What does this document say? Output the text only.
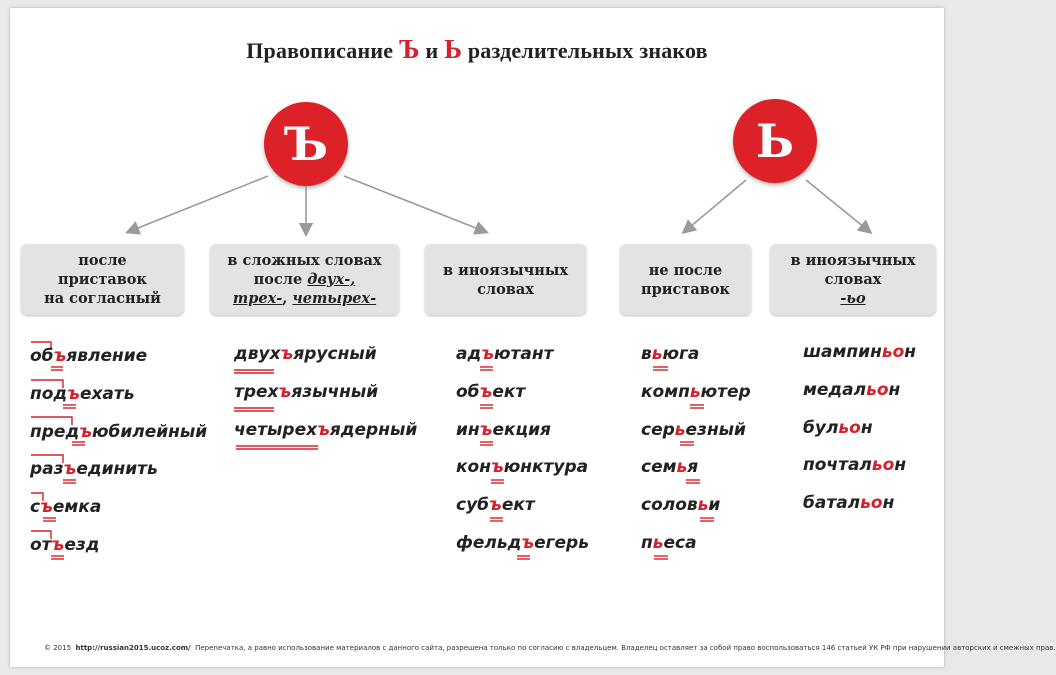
Правописание Ъ и Ь разделительных знаков
Ъ	Ь
после
приставок
на согласный
в сложных словах
после двух-,
трех-, четырех-
в иноязычных
словах
не после
приставок
в иноязычных
словах
-ьо
объявление
подъехать
предъюбилейный
разъединить
съемка
отъезд
двухъярусный
трехъязычный
четырехъядерный
адъютант
объект
инъекция
конъюнктура
субъект
фельдъегерь
вьюга
компьютер
серьезный
семья
соловьи
пьеса
шампиньон
медальон
бульон
почтальон
батальон
© 2015 http://russian2015.ucoz.com/ Перепечатка, а равно использование материалов с данного сайта, разрешена только по согласию с владельцем. Владелец оставляет за собой право воспользоваться 146 статьей УК РФ при нарушении авторских и смежных прав.
